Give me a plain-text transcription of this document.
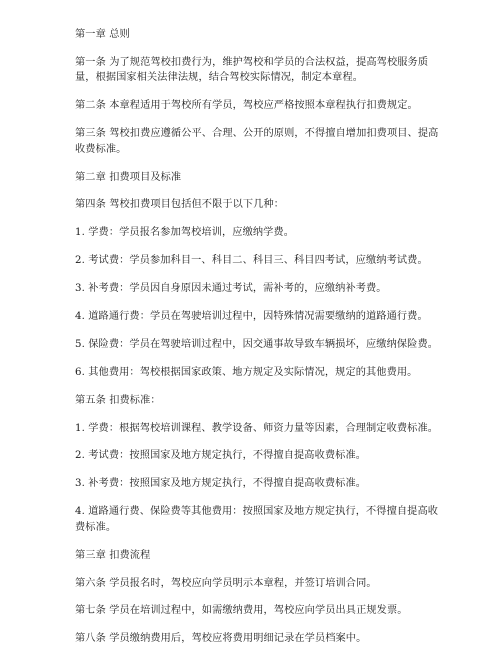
第一章 总则

第一条 为了规范驾校扣费行为，维护驾校和学员的合法权益，提高驾校服务质量，根据国家相关法律法规，结合驾校实际情况，制定本章程。

第二条 本章程适用于驾校所有学员，驾校应严格按照本章程执行扣费规定。

第三条 驾校扣费应遵循公平、合理、公开的原则，不得擅自增加扣费项目、提高收费标准。

第二章 扣费项目及标准

第四条 驾校扣费项目包括但不限于以下几种：

1. 学费：学员报名参加驾校培训，应缴纳学费。

2. 考试费：学员参加科目一、科目二、科目三、科目四考试，应缴纳考试费。

3. 补考费：学员因自身原因未通过考试，需补考的，应缴纳补考费。

4. 道路通行费：学员在驾驶培训过程中，因特殊情况需要缴纳的道路通行费。

5. 保险费：学员在驾驶培训过程中，因交通事故导致车辆损坏，应缴纳保险费。

6. 其他费用：驾校根据国家政策、地方规定及实际情况，规定的其他费用。

第五条 扣费标准：

1. 学费：根据驾校培训课程、教学设备、师资力量等因素，合理制定收费标准。

2. 考试费：按照国家及地方规定执行，不得擅自提高收费标准。

3. 补考费：按照国家及地方规定执行，不得擅自提高收费标准。

4. 道路通行费、保险费等其他费用：按照国家及地方规定执行，不得擅自提高收费标准。

第三章 扣费流程

第六条 学员报名时，驾校应向学员明示本章程，并签订培训合同。

第七条 学员在培训过程中，如需缴纳费用，驾校应向学员出具正规发票。

第八条 学员缴纳费用后，驾校应将费用明细记录在学员档案中。
